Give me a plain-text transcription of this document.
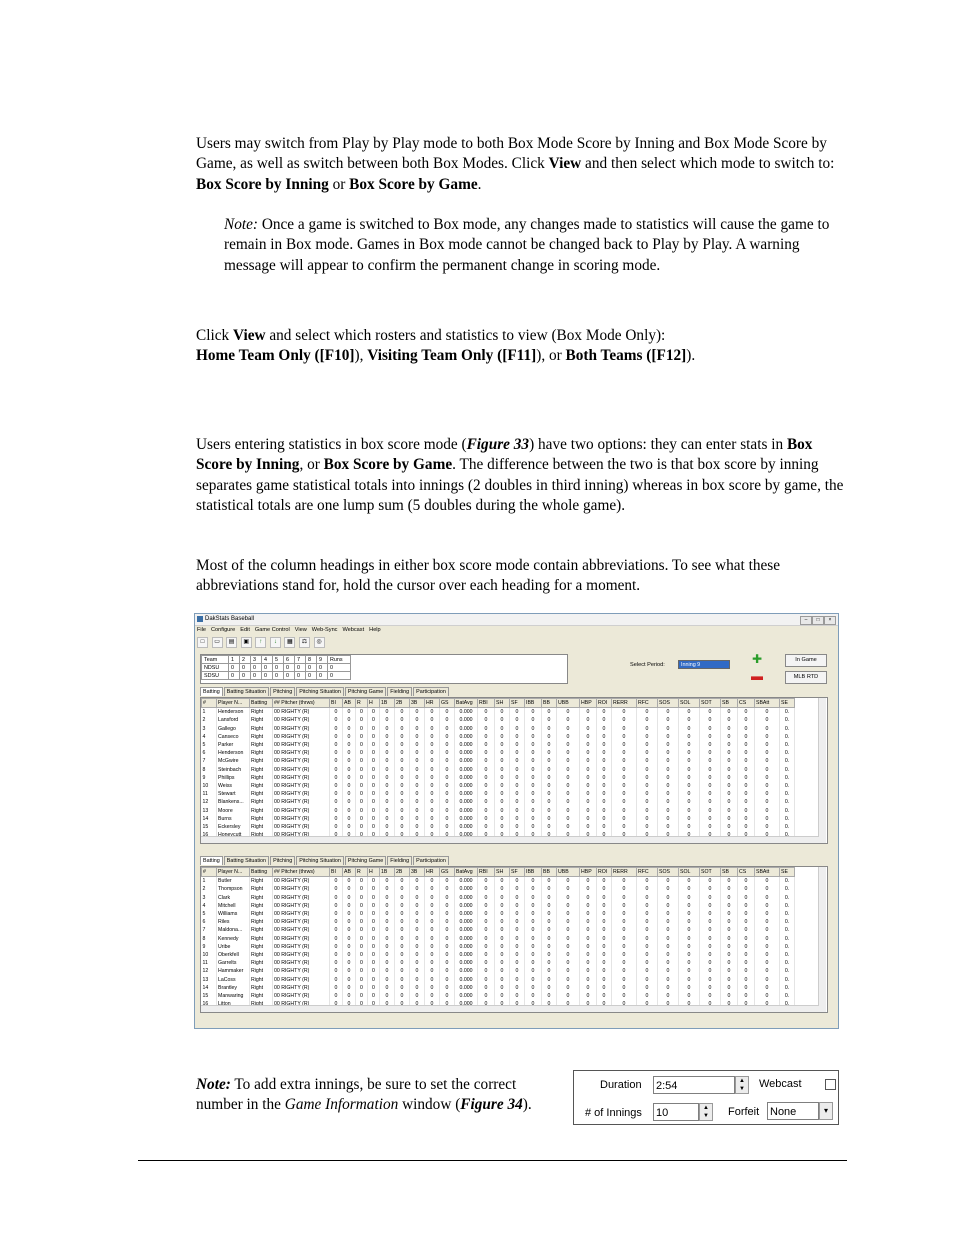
Users may switch from Play by Play mode to both Box Mode Score by Inning and Box Mode Score by Game, as well as switch between both Box Modes. Click View and then select which mode to switch to: Box Score by Inning or Box Score by Game.

Note: Once a game is switched to Box mode, any changes made to statistics will cause the game to remain in Box mode. Games in Box mode cannot be changed back to Play by Play. A warning message will appear to confirm the permanent change in scoring mode.

Click View and select which rosters and statistics to view (Box Mode Only):
Home Team Only ([F10]), Visiting Team Only ([F11]), or Both Teams ([F12]).

Users entering statistics in box score mode (Figure 33) have two options: they can enter stats in Box Score by Inning, or Box Score by Game. The difference between the two is that box score by inning separates game statistical totals into innings (2 doubles in third inning) whereas in box score by game, the statistical totals are one lump sum (5 doubles during the whole game).

Most of the column headings in either box score mode contain abbreviations. To see what these abbreviations stand for, hold the cursor over each heading for a moment.

DakStats Baseball	–	□	×
File Configure Edit Game Control View Web-Sync Webcast Help
□ ▭ ▤ ▣ ↑ ↓ ▦ ⚖ ◎
Team	1	2	3	4	5	6	7	8	9	Runs
NDSU	0	0	0	0	0	0	0	0	0	0
SDSU	0	0	0	0	0	0	0	0	0	0
Select Period:	Inning 9	✚
▬
In Game
MLB RTD
Batting Batting Situation Pitching Pitching Situation Pitching Game Fielding Participation
#	Player N...	Batting	## Pitcher (thrws)	BI	AB	R	H	1B	2B	3B	HR	GS	BatAvg	RBI	SH	SF	IBB	BB	UBB	HBP	ROI	RERR	RFC	SOS	SOL	SOT	SB	CS	SBAtt	SE
1	Henderson	Right	00 RIGHTY (R)	0	0	0	0	0	0	0	0	0	0.000	0	0	0	0	0	0	0	0	0	0	0	0	0	0	0	0	0.
2	Lansford	Right	00 RIGHTY (R)	0	0	0	0	0	0	0	0	0	0.000	0	0	0	0	0	0	0	0	0	0	0	0	0	0	0	0	0.
3	Gallego	Right	00 RIGHTY (R)	0	0	0	0	0	0	0	0	0	0.000	0	0	0	0	0	0	0	0	0	0	0	0	0	0	0	0	0.
4	Canseco	Right	00 RIGHTY (R)	0	0	0	0	0	0	0	0	0	0.000	0	0	0	0	0	0	0	0	0	0	0	0	0	0	0	0	0.
5	Parker	Right	00 RIGHTY (R)	0	0	0	0	0	0	0	0	0	0.000	0	0	0	0	0	0	0	0	0	0	0	0	0	0	0	0	0.
6	Henderson	Right	00 RIGHTY (R)	0	0	0	0	0	0	0	0	0	0.000	0	0	0	0	0	0	0	0	0	0	0	0	0	0	0	0	0.
7	McGwire	Right	00 RIGHTY (R)	0	0	0	0	0	0	0	0	0	0.000	0	0	0	0	0	0	0	0	0	0	0	0	0	0	0	0	0.
8	Steinbach	Right	00 RIGHTY (R)	0	0	0	0	0	0	0	0	0	0.000	0	0	0	0	0	0	0	0	0	0	0	0	0	0	0	0	0.
9	Phillips	Right	00 RIGHTY (R)	0	0	0	0	0	0	0	0	0	0.000	0	0	0	0	0	0	0	0	0	0	0	0	0	0	0	0	0.
10	Weiss	Right	00 RIGHTY (R)	0	0	0	0	0	0	0	0	0	0.000	0	0	0	0	0	0	0	0	0	0	0	0	0	0	0	0	0.
11	Stewart	Right	00 RIGHTY (R)	0	0	0	0	0	0	0	0	0	0.000	0	0	0	0	0	0	0	0	0	0	0	0	0	0	0	0	0.
12	Blankens...	Right	00 RIGHTY (R)	0	0	0	0	0	0	0	0	0	0.000	0	0	0	0	0	0	0	0	0	0	0	0	0	0	0	0	0.
13	Moore	Right	00 RIGHTY (R)	0	0	0	0	0	0	0	0	0	0.000	0	0	0	0	0	0	0	0	0	0	0	0	0	0	0	0	0.
14	Burns	Right	00 RIGHTY (R)	0	0	0	0	0	0	0	0	0	0.000	0	0	0	0	0	0	0	0	0	0	0	0	0	0	0	0	0.
15	Eckersley	Right	00 RIGHTY (R)	0	0	0	0	0	0	0	0	0	0.000	0	0	0	0	0	0	0	0	0	0	0	0	0	0	0	0	0.

Batting Batting Situation Pitching Pitching Situation Pitching Game Fielding Participation
#	Player N...	Batting	## Pitcher (thrws)	BI	AB	R	H	1B	2B	3B	HR	GS	BatAvg	RBI	SH	SF	IBB	BB	UBB	HBP	ROI	RERR	RFC	SOS	SOL	SOT	SB	CS	SBAtt	SE
1	Butler	Right	00 RIGHTY (R)	0	0	0	0	0	0	0	0	0	0.000	0	0	0	0	0	0	0	0	0	0	0	0	0	0	0	0	0.
2	Thompson	Right	00 RIGHTY (R)	0	0	0	0	0	0	0	0	0	0.000	0	0	0	0	0	0	0	0	0	0	0	0	0	0	0	0	0.
3	Clark	Right	00 RIGHTY (R)	0	0	0	0	0	0	0	0	0	0.000	0	0	0	0	0	0	0	0	0	0	0	0	0	0	0	0	0.
4	Mitchell	Right	00 RIGHTY (R)	0	0	0	0	0	0	0	0	0	0.000	0	0	0	0	0	0	0	0	0	0	0	0	0	0	0	0	0.
5	Williams	Right	00 RIGHTY (R)	0	0	0	0	0	0	0	0	0	0.000	0	0	0	0	0	0	0	0	0	0	0	0	0	0	0	0	0.
6	Riles	Right	00 RIGHTY (R)	0	0	0	0	0	0	0	0	0	0.000	0	0	0	0	0	0	0	0	0	0	0	0	0	0	0	0	0.
7	Maldona...	Right	00 RIGHTY (R)	0	0	0	0	0	0	0	0	0	0.000	0	0	0	0	0	0	0	0	0	0	0	0	0	0	0	0	0.
8	Kennedy	Right	00 RIGHTY (R)	0	0	0	0	0	0	0	0	0	0.000	0	0	0	0	0	0	0	0	0	0	0	0	0	0	0	0	0.
9	Uribe	Right	00 RIGHTY (R)	0	0	0	0	0	0	0	0	0	0.000	0	0	0	0	0	0	0	0	0	0	0	0	0	0	0	0	0.
10	Oberkfell	Right	00 RIGHTY (R)	0	0	0	0	0	0	0	0	0	0.000	0	0	0	0	0	0	0	0	0	0	0	0	0	0	0	0	0.
11	Garrelts	Right	00 RIGHTY (R)	0	0	0	0	0	0	0	0	0	0.000	0	0	0	0	0	0	0	0	0	0	0	0	0	0	0	0	0.
12	Hammaker	Right	00 RIGHTY (R)	0	0	0	0	0	0	0	0	0	0.000	0	0	0	0	0	0	0	0	0	0	0	0	0	0	0	0	0.
13	LaCoss	Right	00 RIGHTY (R)	0	0	0	0	0	0	0	0	0	0.000	0	0	0	0	0	0	0	0	0	0	0	0	0	0	0	0	0.
14	Brantley	Right	00 RIGHTY (R)	0	0	0	0	0	0	0	0	0	0.000	0	0	0	0	0	0	0	0	0	0	0	0	0	0	0	0	0.
15	Manwaring	Right	00 RIGHTY (R)	0	0	0	0	0	0	0	0	0	0.000	0	0	0	0	0	0	0	0	0	0	0	0	0	0	0	0	0.

Note: To add extra innings, be sure to set the correct number in the Game Information window (Figure 34).

Duration 2:54	▲
▼	Webcast
# of Innings 10	▲
▼	Forfeit None	▾
